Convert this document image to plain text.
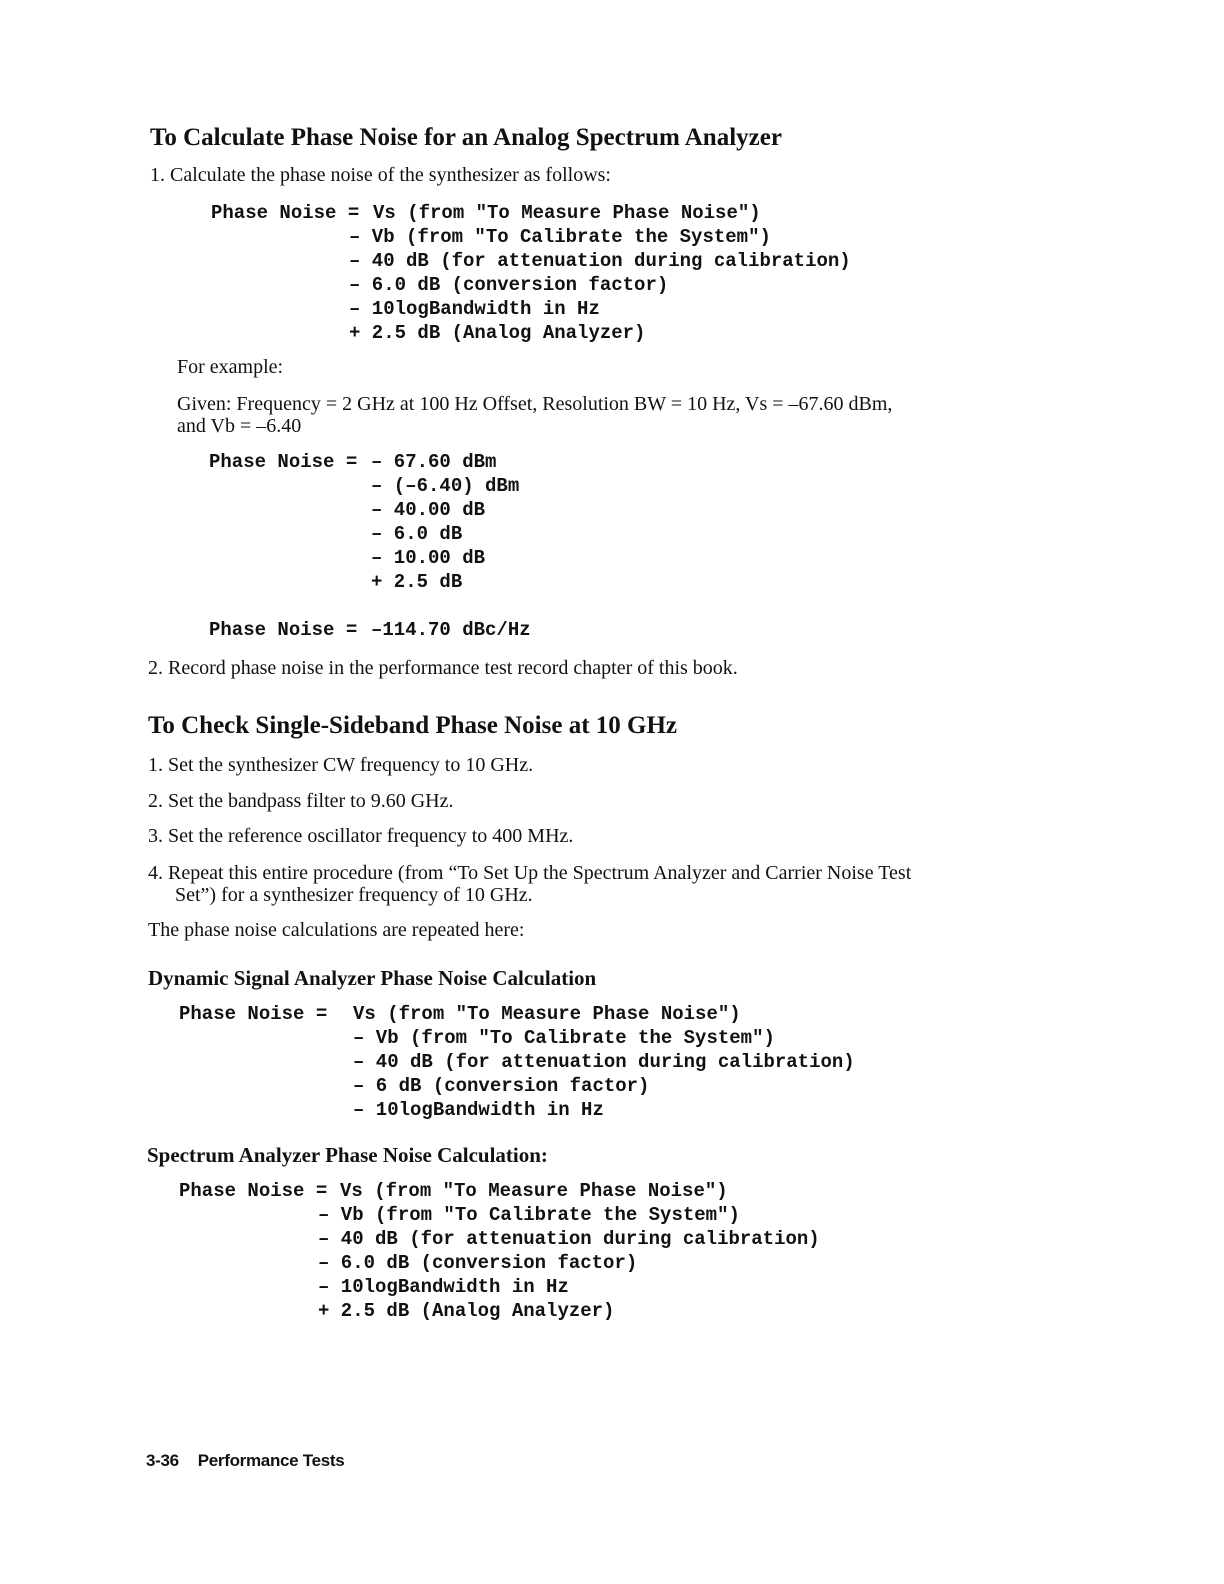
To Calculate Phase Noise for an Analog Spectrum Analyzer
1. Calculate the phase noise of the synthesizer as follows:
Phase Noise = Vs (from "To Measure Phase Noise")
– Vb (from "To Calibrate the System")
– 40 dB (for attenuation during calibration)
– 6.0 dB (conversion factor)
– 10logBandwidth in Hz
+ 2.5 dB (Analog Analyzer)
For example:
Given: Frequency = 2 GHz at 100 Hz Offset, Resolution BW = 10 Hz, Vs = –67.60 dBm,
and Vb = –6.40
Phase Noise = – 67.60 dBm
– (–6.40) dBm
– 40.00 dB
– 6.0 dB
– 10.00 dB
+ 2.5 dB
Phase Noise = –114.70 dBc/Hz
2. Record phase noise in the performance test record chapter of this book.
To Check Single-Sideband Phase Noise at 10 GHz
1. Set the synthesizer CW frequency to 10 GHz.
2. Set the bandpass filter to 9.60 GHz.
3. Set the reference oscillator frequency to 400 MHz.
4. Repeat this entire procedure (from “To Set Up the Spectrum Analyzer and Carrier Noise Test
Set”) for a synthesizer frequency of 10 GHz.
The phase noise calculations are repeated here:
Dynamic Signal Analyzer Phase Noise Calculation
Phase Noise = Vs (from "To Measure Phase Noise")
– Vb (from "To Calibrate the System")
– 40 dB (for attenuation during calibration)
– 6 dB (conversion factor)
– 10logBandwidth in Hz
Spectrum Analyzer Phase Noise Calculation:
Phase Noise = Vs (from "To Measure Phase Noise")
– Vb (from "To Calibrate the System")
– 40 dB (for attenuation during calibration)
– 6.0 dB (conversion factor)
– 10logBandwidth in Hz
+ 2.5 dB (Analog Analyzer)
3-36 Performance Tests
